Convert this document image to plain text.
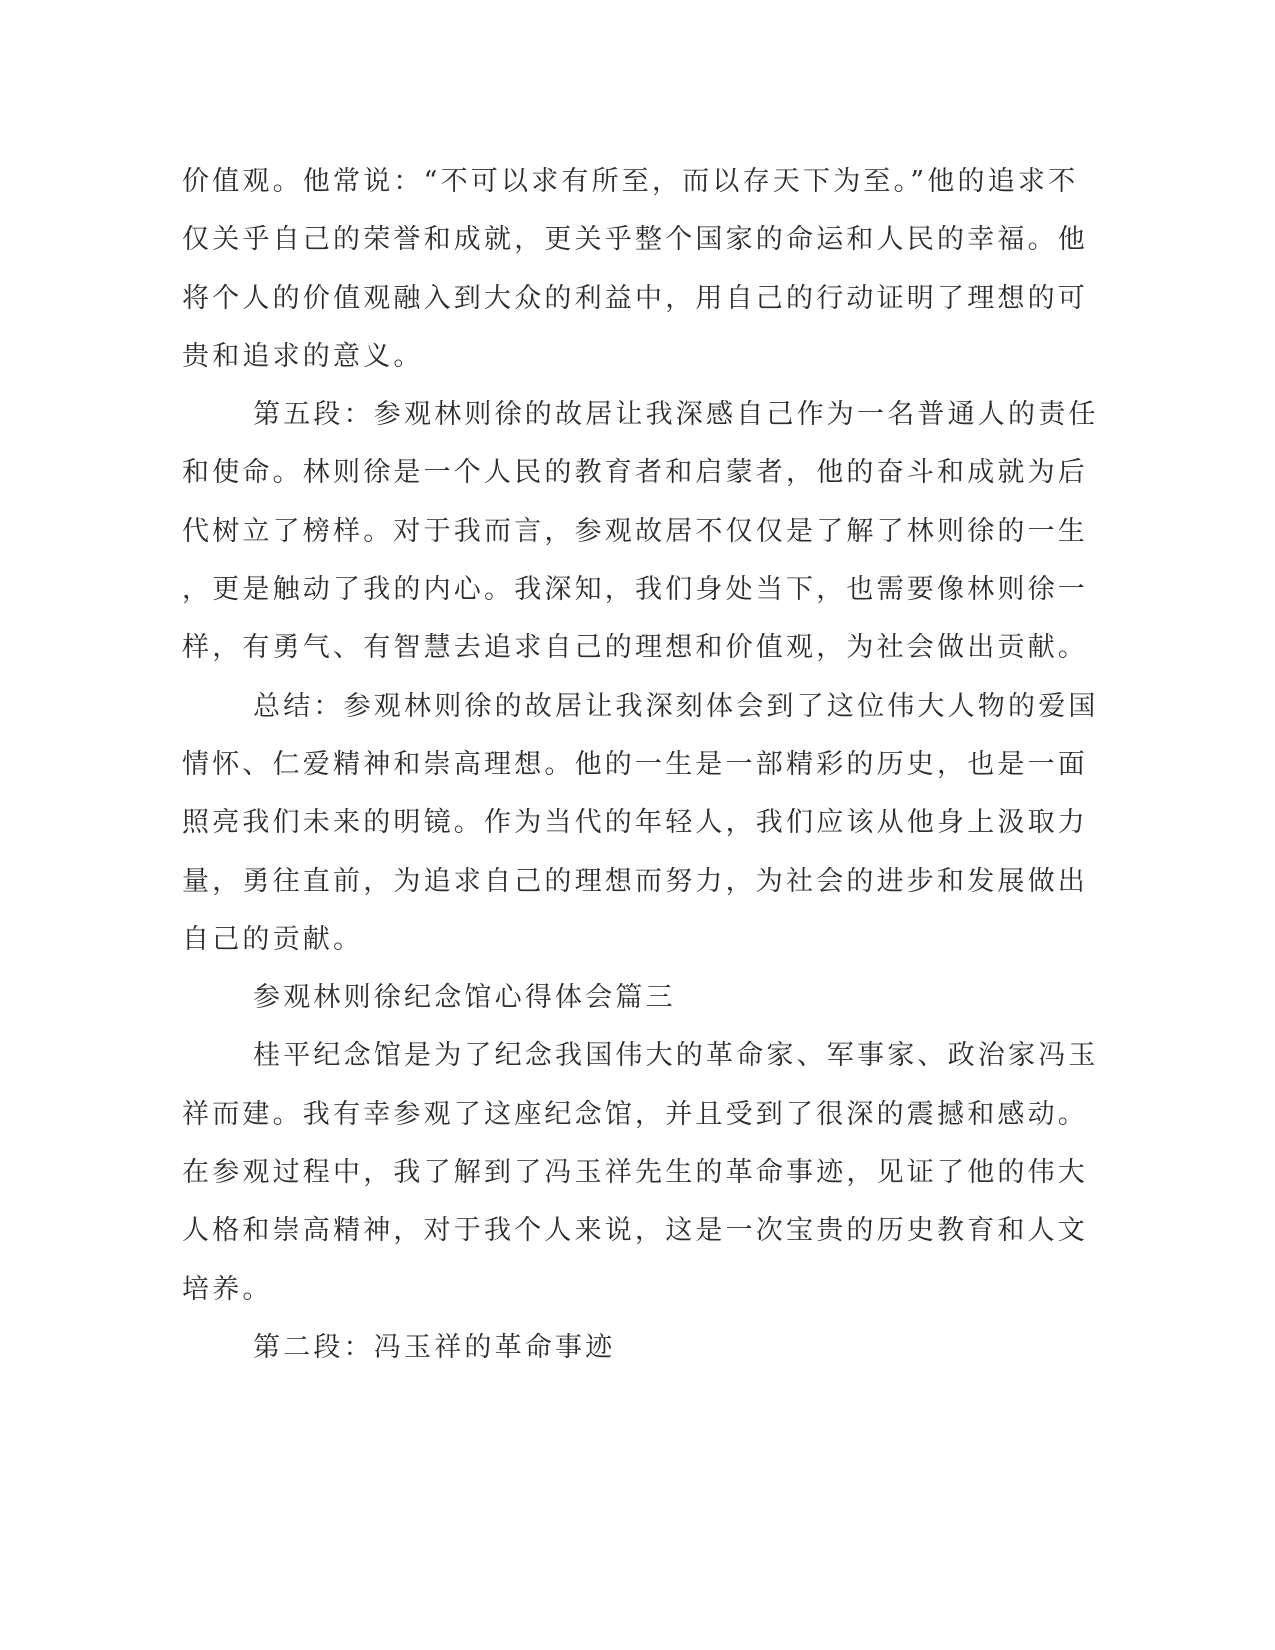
价值观。他常说：“不可以求有所至，而以存天下为至。”他的追求不
仅关乎自己的荣誉和成就，更关乎整个国家的命运和人民的幸福。他
将个人的价值观融入到大众的利益中，用自己的行动证明了理想的可
贵和追求的意义。
第五段：参观林则徐的故居让我深感自己作为一名普通人的责任
和使命。林则徐是一个人民的教育者和启蒙者，他的奋斗和成就为后
代树立了榜样。对于我而言，参观故居不仅仅是了解了林则徐的一生
，更是触动了我的内心。我深知，我们身处当下，也需要像林则徐一
样，有勇气、有智慧去追求自己的理想和价值观，为社会做出贡献。
总结：参观林则徐的故居让我深刻体会到了这位伟大人物的爱国
情怀、仁爱精神和崇高理想。他的一生是一部精彩的历史，也是一面
照亮我们未来的明镜。作为当代的年轻人，我们应该从他身上汲取力
量，勇往直前，为追求自己的理想而努力，为社会的进步和发展做出
自己的贡献。
参观林则徐纪念馆心得体会篇三
桂平纪念馆是为了纪念我国伟大的革命家、军事家、政治家冯玉
祥而建。我有幸参观了这座纪念馆，并且受到了很深的震撼和感动。
在参观过程中，我了解到了冯玉祥先生的革命事迹，见证了他的伟大
人格和崇高精神，对于我个人来说，这是一次宝贵的历史教育和人文
培养。
第二段：冯玉祥的革命事迹
